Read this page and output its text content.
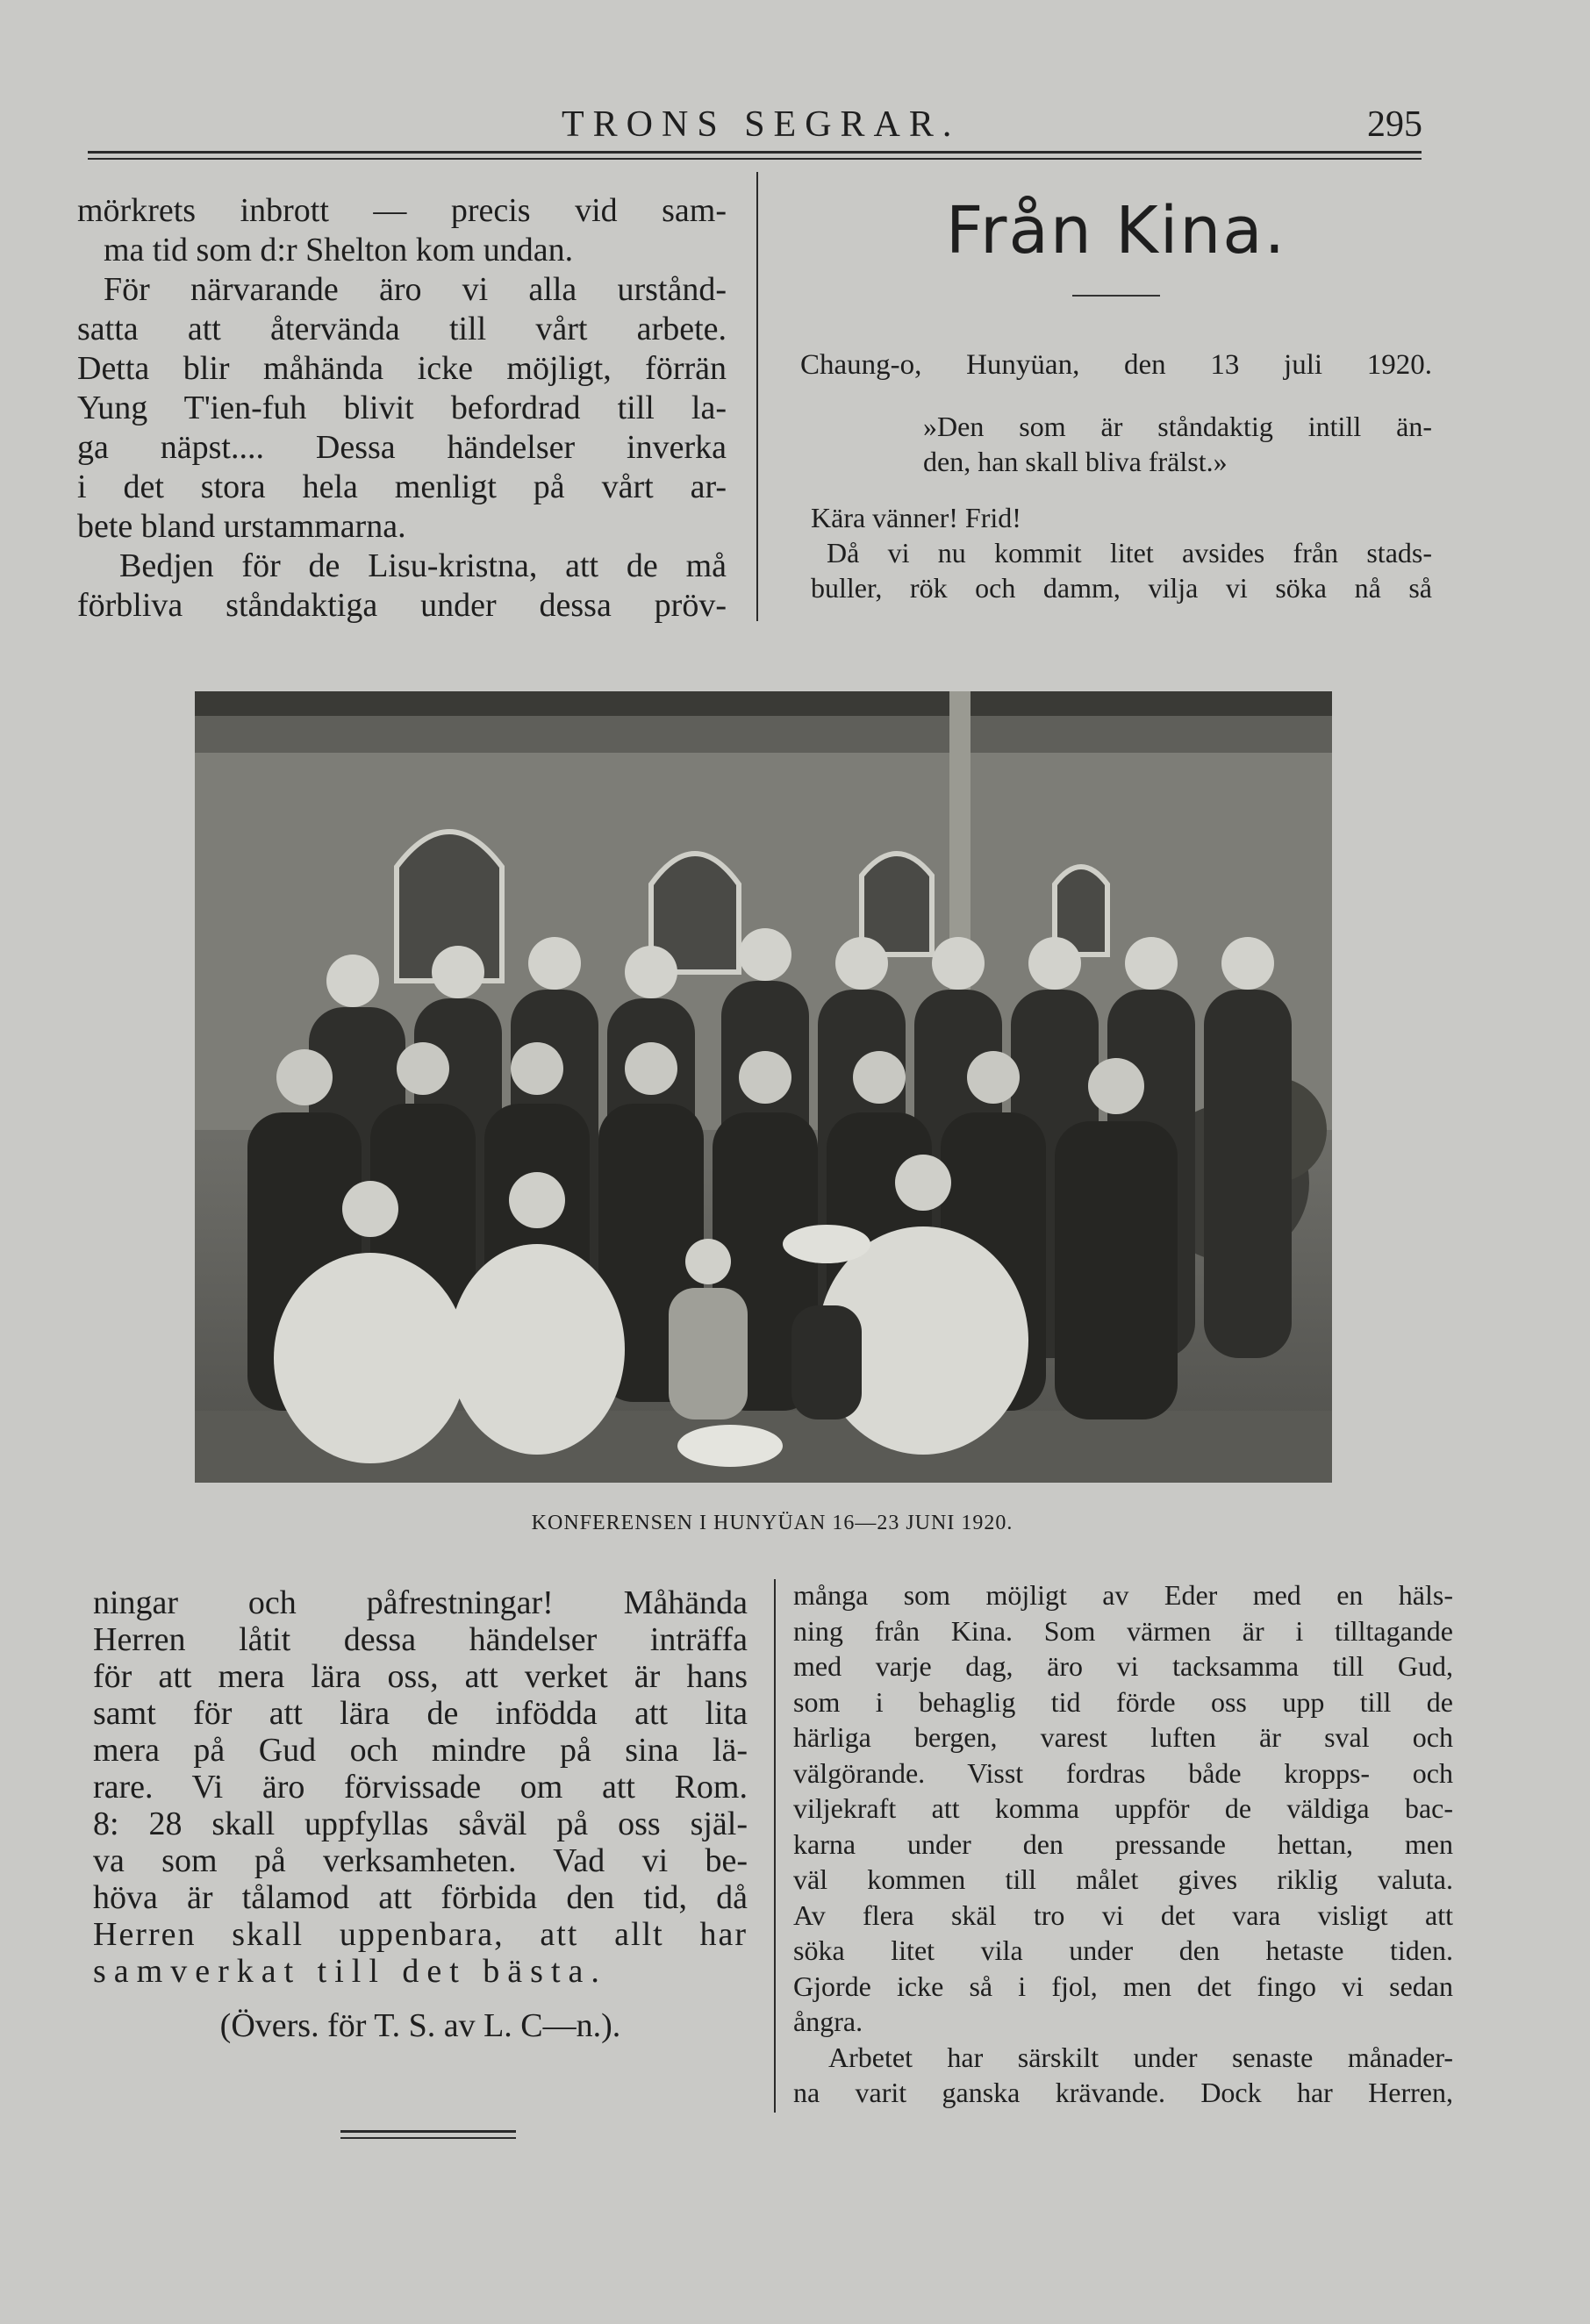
TRONS SEGRAR.	295
mörkrets inbrott — precis vid sam-
ma tid som d:r Shelton kom undan.
För närvarande äro vi alla urstånd-
satta att återvända till vårt arbete.
Detta blir måhända icke möjligt, förrän
Yung T'ien-fuh blivit befordrad till la-
ga näpst.... Dessa händelser inverka
i det stora hela menligt på vårt ar-
bete bland urstammarna.
Bedjen för de Lisu-kristna, att de må
förbliva ståndaktiga under dessa pröv-
Från Kina.
Chaung-o, Hunyüan, den 13 juli 1920.
»Den som är ståndaktig intill än-
den, han skall bliva frälst.»
Kära vänner! Frid!
Då vi nu kommit litet avsides från stads-
buller, rök och damm, vilja vi söka nå så
KONFERENSEN I HUNYÜAN 16—23 JUNI 1920.
ningar och påfrestningar! Måhända
Herren låtit dessa händelser inträffa
för att mera lära oss, att verket är hans
samt för att lära de infödda att lita
mera på Gud och mindre på sina lä-
rare. Vi äro förvissade om att Rom.
8: 28 skall uppfyllas såväl på oss själ-
va som på verksamheten. Vad vi be-
höva är tålamod att förbida den tid, då
Herren skall uppenbara, att allt har
samverkat till det bästa.
(Övers. för T. S. av L. C—n.).
många som möjligt av Eder med en häls-
ning från Kina. Som värmen är i tilltagande
med varje dag, äro vi tacksamma till Gud,
som i behaglig tid förde oss upp till de
härliga bergen, varest luften är sval och
välgörande. Visst fordras både kropps- och
viljekraft att komma uppför de väldiga bac-
karna under den pressande hettan, men
väl kommen till målet gives riklig valuta.
Av flera skäl tro vi det vara visligt att
söka litet vila under den hetaste tiden.
Gjorde icke så i fjol, men det fingo vi sedan
ångra.
Arbetet har särskilt under senaste månader-
na varit ganska krävande. Dock har Herren,
